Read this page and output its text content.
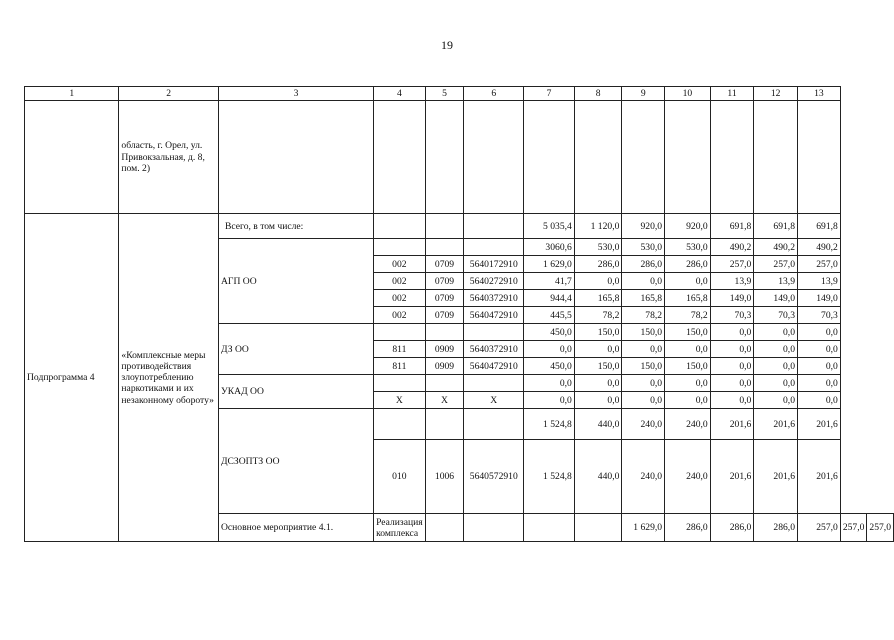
19
1	2	3	4	5	6	7	8	9	10	11	12	13		
	область, г. Орел, ул. Привокзальная, д. 8, пом. 2)													
Подпрограмма 4	«Комплексные меры противодействия злоупотреблению наркотиками и их незаконному обороту»	Всего, в том числе:				5 035,4	1 120,0	920,0	920,0	691,8	691,8	691,8		
		АГП ОО				3060,6	530,0	530,0	530,0	490,2	490,2	490,2		
			002	0709	5640172910	1 629,0	286,0	286,0	286,0	257,0	257,0	257,0		
			002	0709	5640272910	41,7	0,0	0,0	0,0	13,9	13,9	13,9		
			002	0709	5640372910	944,4	165,8	165,8	165,8	149,0	149,0	149,0		
			002	0709	5640472910	445,5	78,2	78,2	78,2	70,3	70,3	70,3		
		ДЗ ОО				450,0	150,0	150,0	150,0	0,0	0,0	0,0		
			811	0909	5640372910	0,0	0,0	0,0	0,0	0,0	0,0	0,0		
			811	0909	5640472910	450,0	150,0	150,0	150,0	0,0	0,0	0,0		
		УКАД ОО				0,0	0,0	0,0	0,0	0,0	0,0	0,0		
			X	X	X	0,0	0,0	0,0	0,0	0,0	0,0	0,0		
		ДСЗОПТЗ ОО				1 524,8	440,0	240,0	240,0	201,6	201,6	201,6		
			010	1006	5640572910	1 524,8	440,0	240,0	240,0	201,6	201,6	201,6		
		Основное мероприятие 4.1.	Реализация комплекса					1 629,0	286,0	286,0	286,0	257,0	257,0	257,0
